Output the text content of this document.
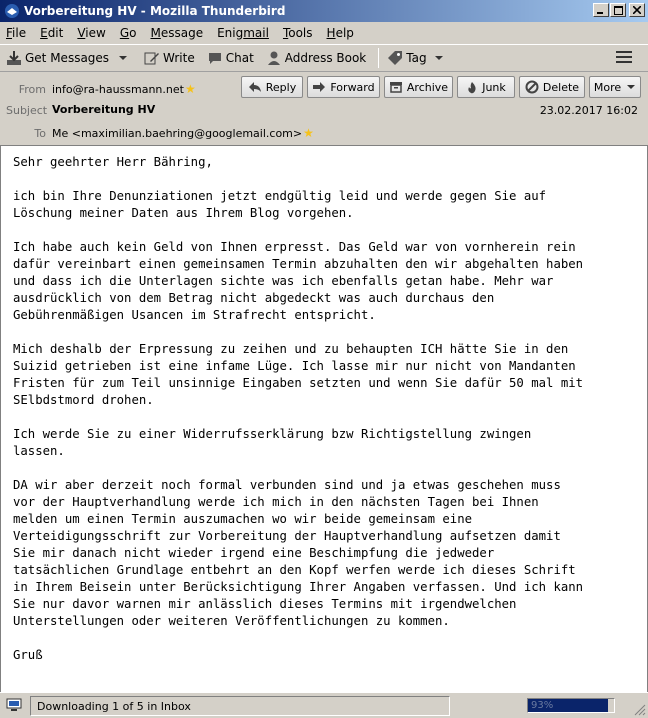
Vorbereitung HV - Mozilla Thunderbird
File Edit View Go Message Enigmail Tools Help
Get Messages	Write	Chat	Address Book	Tag
From info@ra-haussmann.net★
Subject Vorbereitung HV
To Me <maximilian.baehring@googlemail.com>★
Reply	Forward	Archive	Junk	Delete More
23.02.2017 16:02
Sehr geehrter Herr Bähring,

ich bin Ihre Denunziationen jetzt endgültig leid und werde gegen Sie auf
Löschung meiner Daten aus Ihrem Blog vorgehen.

Ich habe auch kein Geld von Ihnen erpresst. Das Geld war von vornherein rein
dafür vereinbart einen gemeinsamen Termin abzuhalten den wir abgehalten haben
und dass ich die Unterlagen sichte was ich ebenfalls getan habe. Mehr war
ausdrücklich von dem Betrag nicht abgedeckt was auch durchaus den
Gebührenmäßigen Usancen im Strafrecht entspricht.

Mich deshalb der Erpressung zu zeihen und zu behaupten ICH hätte Sie in den
Suizid getrieben ist eine infame Lüge. Ich lasse mir nur nicht von Mandanten
Fristen für zum Teil unsinnige Eingaben setzten und wenn Sie dafür 50 mal mit
SElbdstmord drohen.

Ich werde Sie zu einer Widerrufsserklärung bzw Richtigstellung zwingen
lassen.

DA wir aber derzeit noch formal verbunden sind und ja etwas geschehen muss
vor der Hauptverhandlung werde ich mich in den nächsten Tagen bei Ihnen
melden um einen Termin auszumachen wo wir beide gemeinsam eine
Verteidigungsschrift zur Vorbereitung der Hauptverhandlung aufsetzen damit
Sie mir danach nicht wieder irgend eine Beschimpfung die jedweder
tatsächlichen Grundlage entbehrt an den Kopf werfen werde ich dieses Schrift
in Ihrem Beisein unter Berücksichtigung Ihrer Angaben verfassen. Und ich kann
Sie nur davor warnen mir anlässlich dieses Termins mit irgendwelchen
Unterstellungen oder weiteren Veröffentlichungen zu kommen.

Gruß
Downloading 1 of 5 in Inbox	93%
